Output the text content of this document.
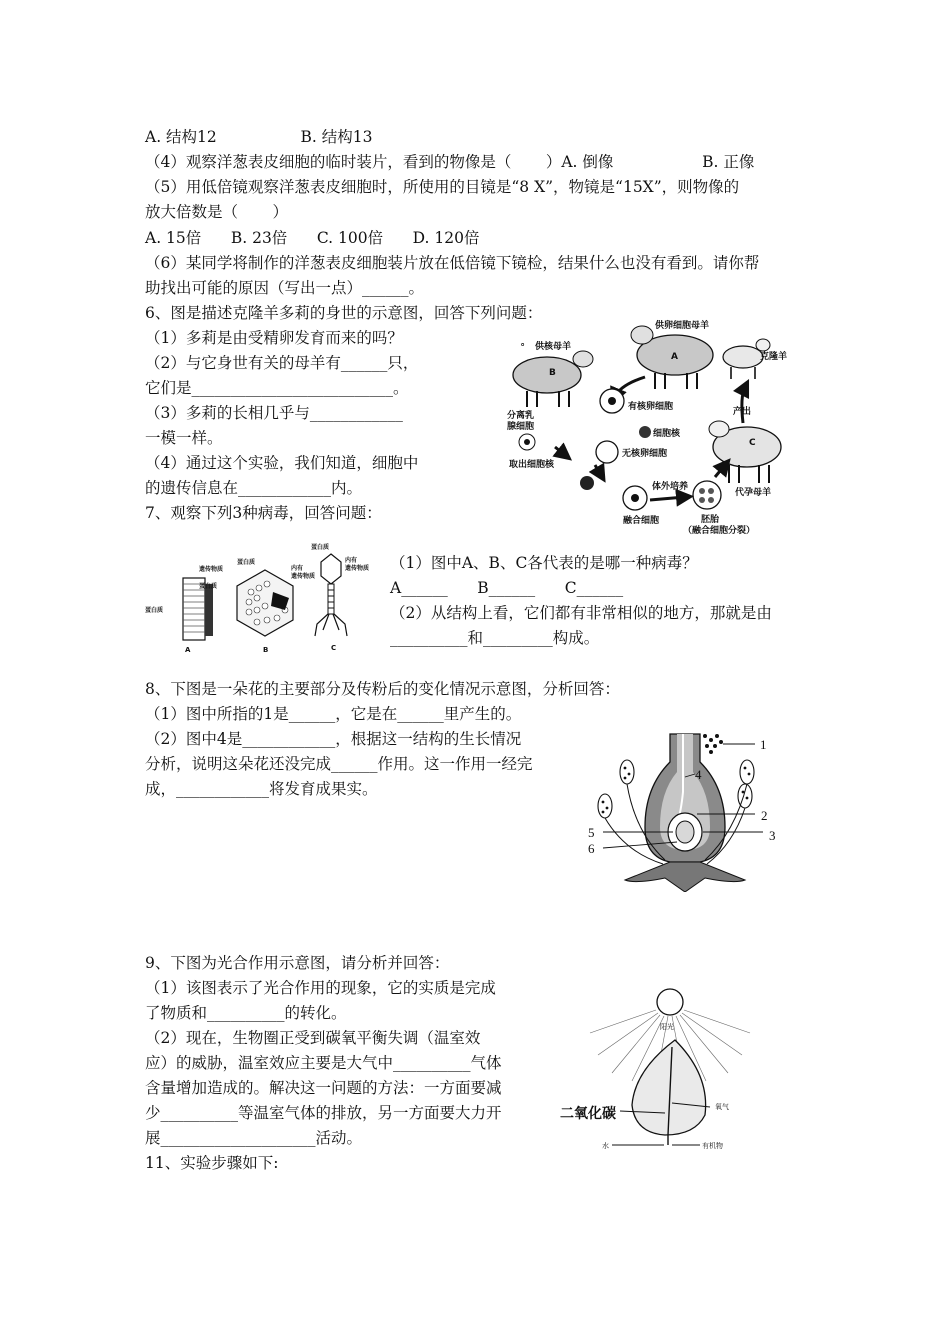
A. 结构12                 B. 结构13
（4）观察洋葱表皮细胞的临时装片，看到的物像是（       ）A. 倒像                  B. 正像
（5）用低倍镜观察洋葱表皮细胞时，所使用的目镜是“8 X”，物镜是“15X”，则物像的
放大倍数是（       ）
A. 15倍      B. 23倍      C. 100倍      D. 120倍
（6）某同学将制作的洋葱表皮细胞装片放在低倍镜下镜检，结果什么也没有看到。请你帮
助找出可能的原因（写出一点）______。
6、图是描述克隆羊多莉的身世的示意图，回答下列问题：
（1）多莉是由受精卵发育而来的吗？
（2）与它身世有关的母羊有______只，
它们是__________________________。
（3）多莉的长相几乎与____________
一模一样。
（4）通过这个实验，我们知道，细胞中
的遗传信息在____________内。
7、观察下列3种病毒，回答问题：
（1）图中A、B、C各代表的是哪一种病毒？
A______      B______      C______
（2）从结构上看，它们都有非常相似的地方，那就是由
__________和_________构成。
8、下图是一朵花的主要部分及传粉后的变化情况示意图，分析回答：
（1）图中所指的1是______，它是在______里产生的。
（2）图中4是____________，根据这一结构的生长情况
分析，说明这朵花还没完成______作用。这一作用一经完
成，____________将发育成果实。
9、下图为光合作用示意图，请分析并回答：
（1）该图表示了光合作用的现象，它的实质是完成
了物质和__________的转化。
（2）现在，生物圈正受到碳氧平衡失调（温室效
应）的威胁，温室效应主要是大气中__________气体
含量增加造成的。解决这一问题的方法：一方面要减
少__________等温室气体的排放，另一方面要大力开
展____________________活动。
11、实验步骤如下:
。
供卵细胞母羊
A
供核母羊
B
克隆羊
产出
有核卵细胞
细胞核
无核卵细胞
分离乳
腺细胞
取出细胞核
融合细胞
体外培养
胚胎
（融合细胞分裂）
C
代孕母羊
遗传物质
蛋白质
蛋白质
A
蛋白质
内有
遗传物质
B
蛋白质
内有
遗传物质
C
1
4
2
3
5
6
阳光
二氧化碳	氧气
水	有机物
